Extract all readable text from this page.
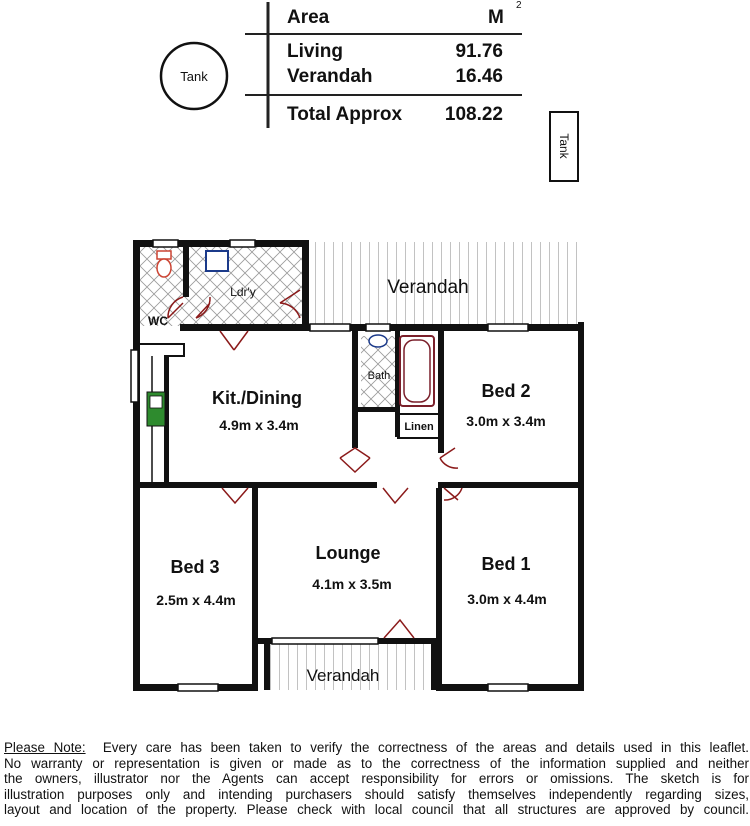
Area	M
2
Living	91.76
Verandah	16.46
Total Approx 108.22
Tank
Tank
WC
Ldr'y	Verandah
Kit./Dining
4.9m x 3.4m
Bath
Linen
Bed 2
3.0m x 3.4m
Lounge
4.1m x 3.5m
Bed 3
2.5m x 4.4m
Bed 1
3.0m x 4.4m
Verandah
Please Note: Every care has been taken to verify the correctness of the areas and details used in this leaflet.
No warranty or representation is given or made as to the correctness of the information supplied and neither
the owners, illustrator nor the Agents can accept responsibility for errors or omissions. The sketch is for
illustration purposes only and intending purchasers should satisfy themselves independently regarding sizes,
layout and location of the property. Please check with local council that all structures are approved by council.
